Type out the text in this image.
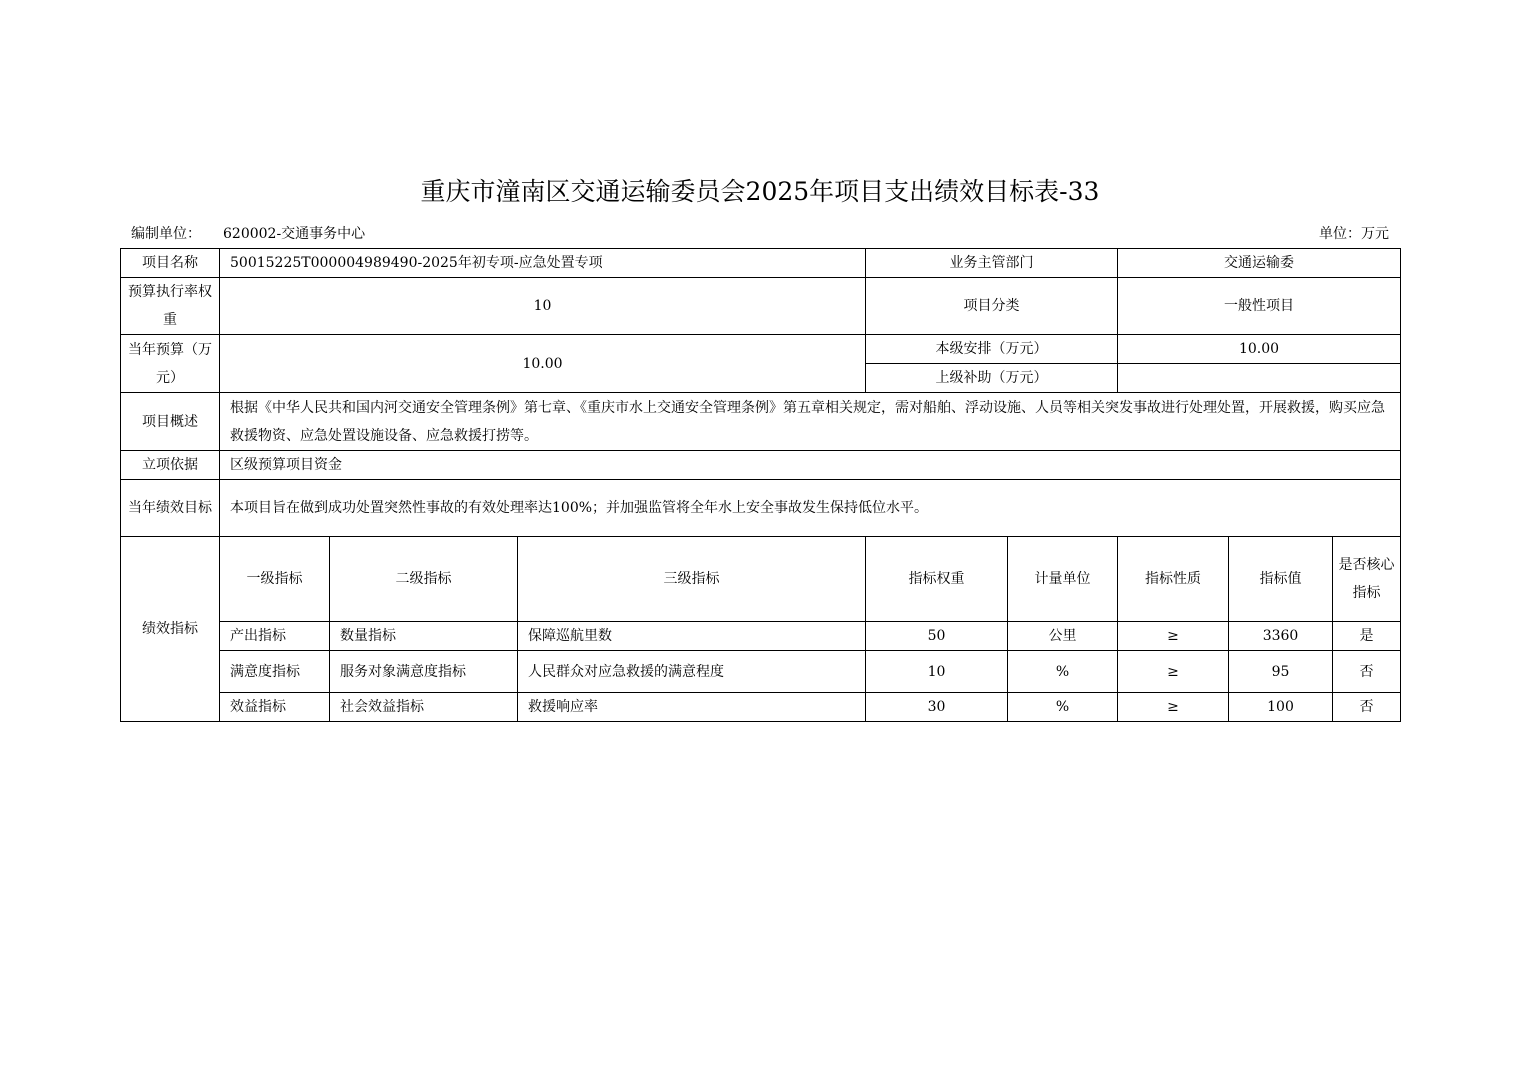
重庆市潼南区交通运输委员会2025年项目支出绩效目标表-33
编制单位： 620002-交通事务中心	单位：万元
项目名称	50015225T000004989490-2025年初专项-应急处置专项			业务主管部门		交通运输委		
预算执行率权重	10			项目分类		一般性项目		
当年预算（万元）	10.00			本级安排（万元）		10.00		
				上级补助（万元）				
项目概述	根据《中华人民共和国内河交通安全管理条例》第七章、《重庆市水上交通安全管理条例》第五章相关规定，需对船舶、浮动设施、人员等相关突发事故进行处理处置，开展救援，购买应急救援物资、应急处置设施设备、应急救援打捞等。							
立项依据	区级预算项目资金							
当年绩效目标	本项目旨在做到成功处置突然性事故的有效处理率达100%；并加强监管将全年水上安全事故发生保持低位水平。							
绩效指标	一级指标	二级指标	三级指标	指标权重	计量单位	指标性质	指标值	是否核心指标
	产出指标	数量指标	保障巡航里数	50	公里	≥	3360	是
	满意度指标	服务对象满意度指标	人民群众对应急救援的满意程度	10	%	≥	95	否
	效益指标	社会效益指标	救援响应率	30	%	≥	100	否
